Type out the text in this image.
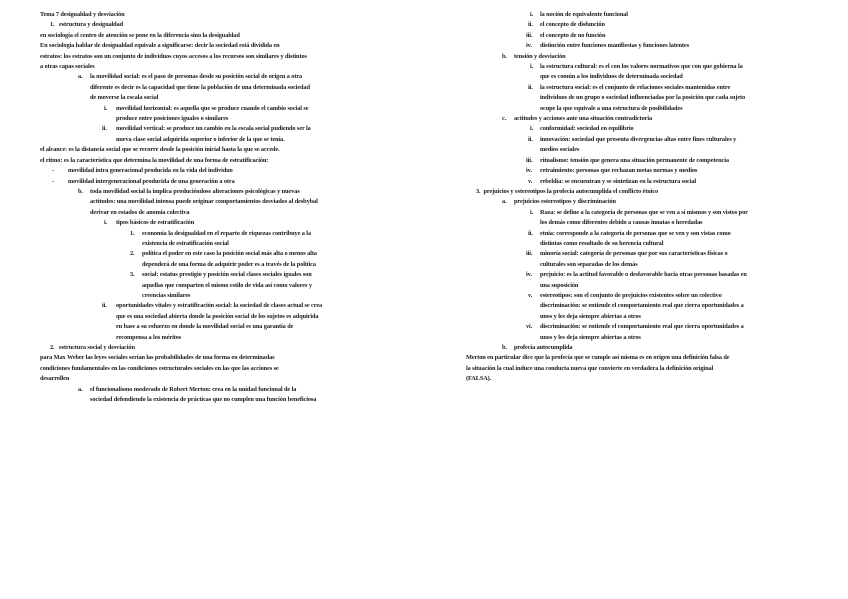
Tema 7 desigualdad y desviación
1. estructura y desigualdad
en sociología el centro de atención se pone en la diferencia sino la desigualdad
En sociología hablar de desigualdad equivale a significarse: decir la sociedad está dividida en
estratos: los estratos son un conjunto de individuos cuyos accesos a los recursos son similares y distintos
a otras capas sociales
a. la movilidad social: es el paso de personas desde su posición social de origen a otra
diferente es decir es la capacidad que tiene la población de una determinada sociedad
de moverse la escala social
i. movilidad horizontal: es aquella que se produce cuando el cambio social se
produce entre posiciones iguales o similares
ii. movilidad vertical: se produce un cambio en la escala social pudiendo ser la
nueva clase social adquirida superior o inferior de la que se tenía.
el alcance: es la distancia social que se recorre desde la posición inicial hasta la que se accede.
el ritmo: es la característica que determina la movilidad de una forma de estratificación:
- movilidad intra generacional producida en la vida del individuo
- movilidad intergeneracional producida de una generación a otra
b. toda movilidad social la implica produciéndose alteraciones psicológicas y nuevas
actitudes: una movilidad intensa puede originar comportamientos desviados al desbybal
derivar en estados de anomia colectiva
i. tipos básicos de estratificación
1. economía la desigualdad en el reparto de riquezas contribuye a la
existencia de estratificación social
2. política el poder en este caso la posición social más alta o menos alta
dependerá de una forma de adquirir poder es a través de la política
3. social: estatus prestigio y posición social clases sociales iguales son
aquellas que comparten el mismo estilo de vida así como valores y
creencias similares
ii. oportunidades vitales y estratificación social: la sociedad de clases actual se crea
que es una sociedad abierta donde la posición social de los sujetos es adquirida
en base a su esfuerzo en donde la movilidad social es una garantía de
recompensa a los méritos
2. estructura social y desviación
para Max Weber las leyes sociales serían las probabilidades de una forma en determinadas
condiciones fundamentales en las condiciones estructurales sociales en las que las acciones se
desarrollen
a. el funcionalismo moderado de Robert Merton: crea en la unidad funcional de la
sociedad defendiendo la existencia de prácticas que no cumplen una función beneficiosa
i. la noción de equivalente funcional
ii. el concepto de disfunción
iii. el concepto de no función
iv. distinción entre funciones manifiestas y funciones latentes
b. tensión y desviación
i. la estructura cultural: es el con los valores normativos que con que gobierna la
que es común a los individuos de determinada sociedad
ii. la estructura social: es el conjunto de relaciones sociales mantenidas entre
individuos de un grupo o sociedad influenciadas por la posición que cada sujeto
ocupe la que equivale a una estructura de posibilidades
c. actitudes y acciones ante una situación contradictoria
i. conformidad: sociedad en equilibrio
ii. innovación: sociedad que presenta divergencias altas entre fines culturales y
medios sociales
iii. ritualismo: tensión que genera una situación permanente de competencia
iv. retraimiento: personas que rechazan metas normas y medios
v. rebeldía: se encuentran y se sintetizan en la estructura social
3. prejuicios y estereotipos la profecía autocumplida el conflicto étnico
a. prejuicios estereotipos y discriminación
i. Raza: se define a la categoría de personas que se ven a sí mismos y son vistos por
los demás como diferentes debido a causas innatas o heredadas
ii. etnia: corresponde a la categoría de personas que se ven y son vistas como
distintas como resultado de su herencia cultural
iii. minoría social: categoría de personas que por sus características físicas o
culturales son separadas de los demás
iv. prejuicio: es la actitud favorable o desfavorable hacia otras personas basadas en
una suposición
v. estereotipos: son el conjunto de prejuicios existentes sobre un colectivo
discriminación: se entiende el comportamiento real que cierra oportunidades a
unos y les deja siempre abiertas a otros
vi. discriminación: se entiende el comportamiento real que cierra oportunidades a
unos y les deja siempre abiertas a otros
b. profecía autocumplida
Merton en particular dice que la profecía que se cumple así misma es en origen una definición falsa de
la situación la cual induce una conducta nueva que convierte en verdadera la definición original
(FALSA).
